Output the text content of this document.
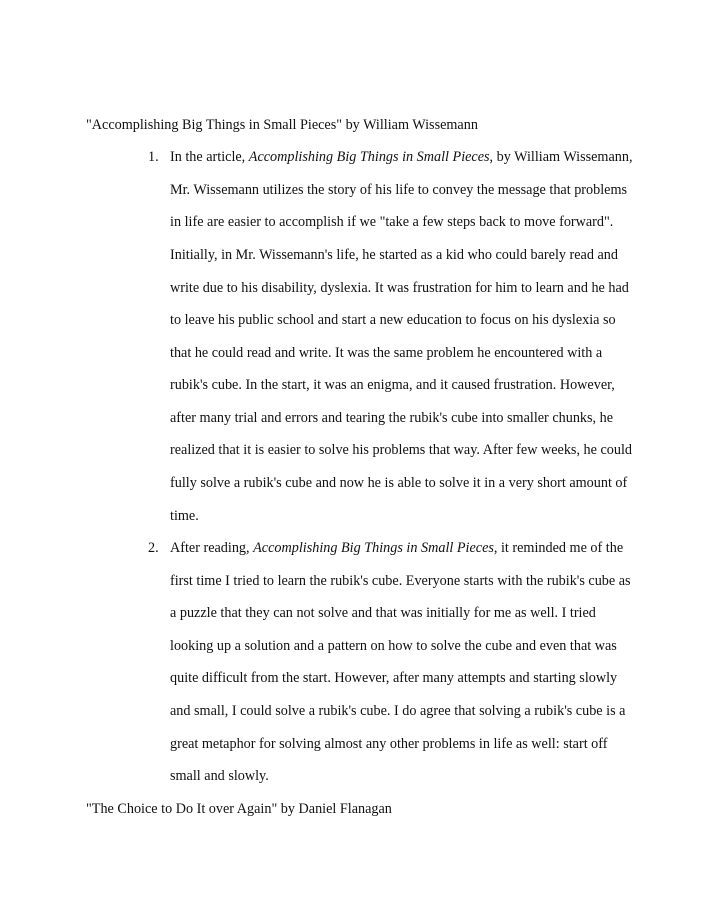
"Accomplishing Big Things in Small Pieces" by William Wissemann
1. In the article, Accomplishing Big Things in Small Pieces, by William Wissemann,
Mr. Wissemann utilizes the story of his life to convey the message that problems
in life are easier to accomplish if we "take a few steps back to move forward".
Initially, in Mr. Wissemann's life, he started as a kid who could barely read and
write due to his disability, dyslexia. It was frustration for him to learn and he had
to leave his public school and start a new education to focus on his dyslexia so
that he could read and write. It was the same problem he encountered with a
rubik's cube. In the start, it was an enigma, and it caused frustration. However,
after many trial and errors and tearing the rubik's cube into smaller chunks, he
realized that it is easier to solve his problems that way. After few weeks, he could
fully solve a rubik's cube and now he is able to solve it in a very short amount of
time.
2. After reading, Accomplishing Big Things in Small Pieces, it reminded me of the
first time I tried to learn the rubik's cube. Everyone starts with the rubik's cube as
a puzzle that they can not solve and that was initially for me as well. I tried
looking up a solution and a pattern on how to solve the cube and even that was
quite difficult from the start. However, after many attempts and starting slowly
and small, I could solve a rubik's cube. I do agree that solving a rubik's cube is a
great metaphor for solving almost any other problems in life as well: start off
small and slowly.
"The Choice to Do It over Again" by Daniel Flanagan
